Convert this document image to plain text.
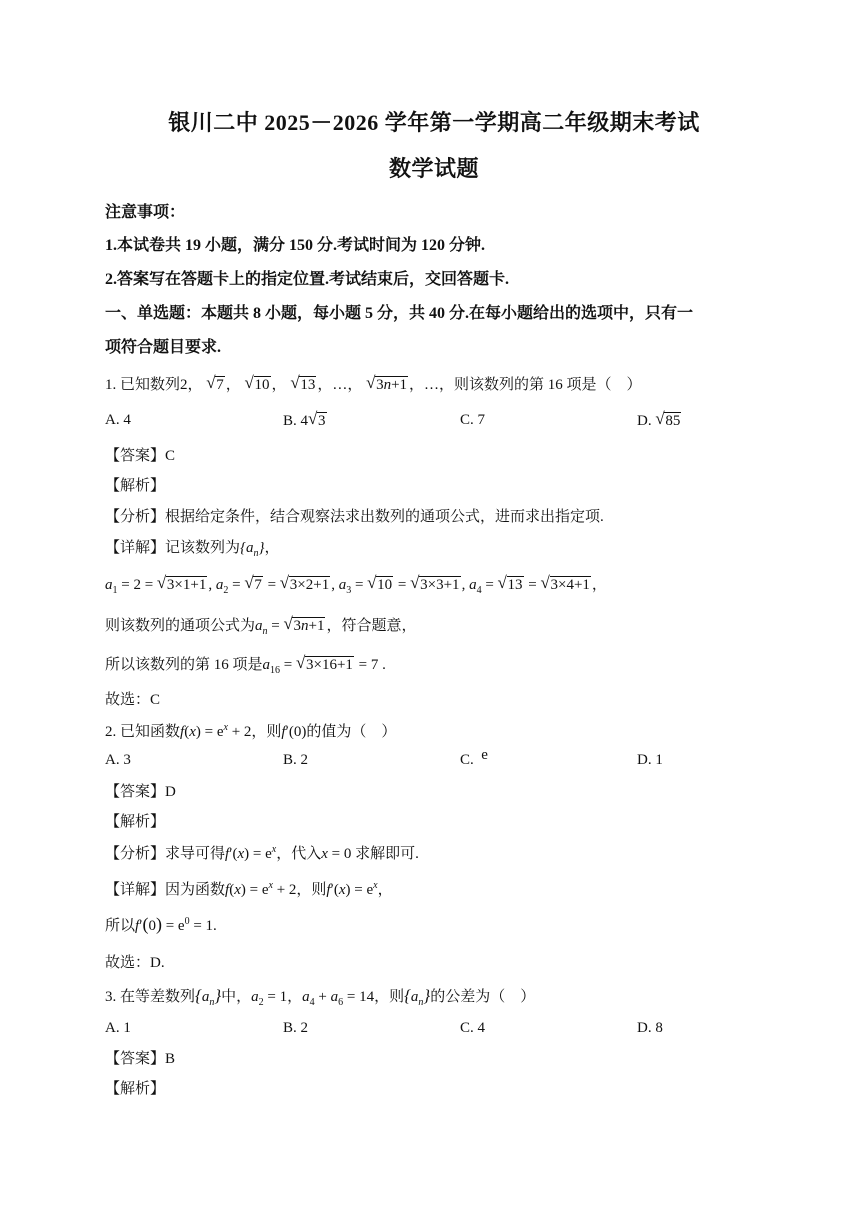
银川二中 2025－2026 学年第一学期高二年级期末考试
数学试题
注意事项：
1.本试卷共 19 小题，满分 150 分.考试时间为 120 分钟.
2.答案写在答题卡上的指定位置.考试结束后，交回答题卡.
一、单选题：本题共 8 小题，每小题 5 分，共 40 分.在每小题给出的选项中，只有一
项符合题目要求.
1. 已知数列2， √ 7 ， √ 10 ， √ 13 ，…， √ 3n+1 ，…，则该数列的第 16 项是（　）
A. 4	B. 4 √ 3	C. 7	D. √ 85
【答案】C
【解析】
【分析】根据给定条件，结合观察法求出数列的通项公式，进而求出指定项.
【详解】记该数列为$\{a_n\}$，
$a_1 = 2$ = √ 3×1+1 , $a_2$ = √ 7 = √ 3×2+1 , $a_3$ = √ 10 = √ 3×3+1 , $a_4$ = √ 13 = √ 3×4+1 ，
则该数列的通项公式为$a_n$ = √ 3n+1 ，符合题意，
所以该数列的第 16 项是$a_{16}$ = √ 3×16+1 = 7 .
故选：C
2. 已知函数$f(x) = e^x + 2$，则f′(0)的值为（　）
A. 3	B. 2	C. e	D. 1
【答案】D
【解析】
【分析】求导可得$f'(x) = e^x$，代入x = 0 求解即可.
【详解】因为函数$f(x) = e^x + 2$，则$f'(x) = e^x$，
所以$f'(0) = e^0 = 1$.
故选：D.
3. 在等差数列$\{a_n\}$中，$a_2 = 1$，$a_4 + a_6 = 14$，则$\{a_n\}$的公差为（　）
A. 1	B. 2	C. 4	D. 8
【答案】B
【解析】
